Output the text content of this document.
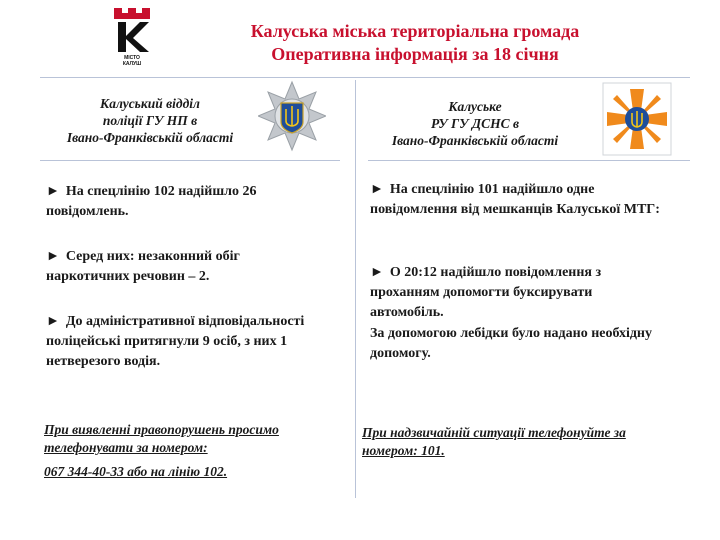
МІСТО
КАЛУШ

Калуська міська територіальна громада

Оперативна інформація за 18 січня

Калуський відділ
поліції ГУ НП в
Івано-Франківській області
Калуське
РУ ГУ ДСНС в
Івано-Франківській області

► На спецлінію 102 надійшло 26 повідомлень.

► Серед них: незаконний обіг наркотичних речовин – 2.

► До адміністративної відповідальності поліцейські притягнули 9 осіб, з них 1 нетверезого водія.

При виявленні правопорушень просимо телефонувати за номером:

067 344-40-33 або на лінію 102.

► На спецлінію 101 надійшло одне повідомлення від мешканців Калуської МТГ:

► О 20:12 надійшло повідомлення з проханням допомогти буксирувати автомобіль.

За допомогою лебідки було надано необхідну допомогу.

При надзвичайній ситуації телефонуйте за номером: 101.
